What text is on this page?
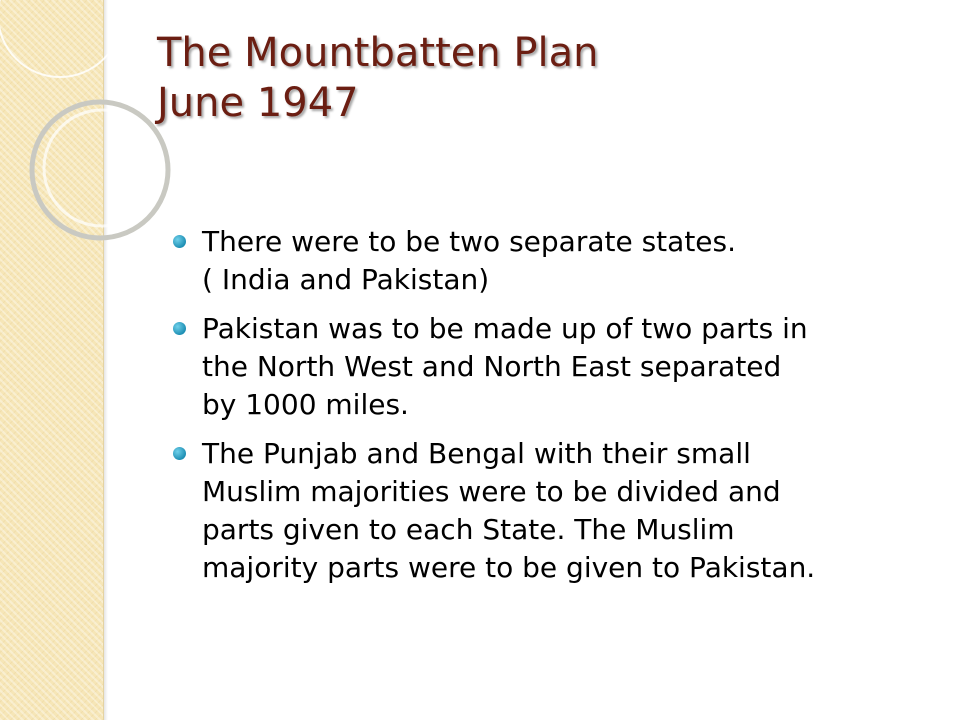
The Mountbatten Plan
June 1947
There were to be two separate states.
( India and Pakistan)
Pakistan was to be made up of two parts in
the North West and North East separated
by 1000 miles.
The Punjab and Bengal with their small
Muslim majorities were to be divided and
parts given to each State. The Muslim
majority parts were to be given to Pakistan.
